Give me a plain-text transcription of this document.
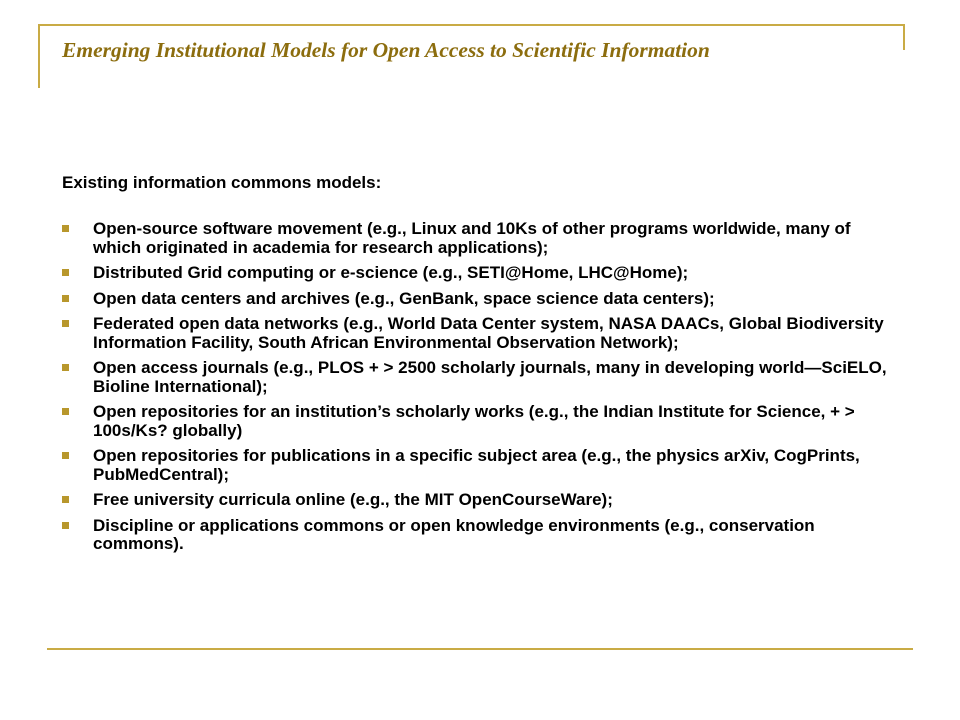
Emerging Institutional Models for Open Access to Scientific Information
Existing information commons models:
Open-source software movement (e.g., Linux and 10Ks of other programs worldwide, many of which originated in academia for research applications);
Distributed Grid computing or e-science (e.g., SETI@Home, LHC@Home);
Open data centers and archives (e.g., GenBank, space science data centers);
Federated open data networks (e.g., World Data Center system, NASA DAACs, Global Biodiversity Information Facility, South African Environmental Observation Network);
Open access journals (e.g., PLOS + > 2500 scholarly journals, many in developing world—SciELO, Bioline International);
Open repositories for an institution’s scholarly works (e.g., the Indian Institute for Science, + > 100s/Ks? globally)
Open repositories for publications in a specific subject area (e.g., the physics arXiv, CogPrints, PubMedCentral);
Free university curricula online (e.g., the MIT OpenCourseWare);
Discipline or applications commons or open knowledge environments (e.g., conservation commons).
